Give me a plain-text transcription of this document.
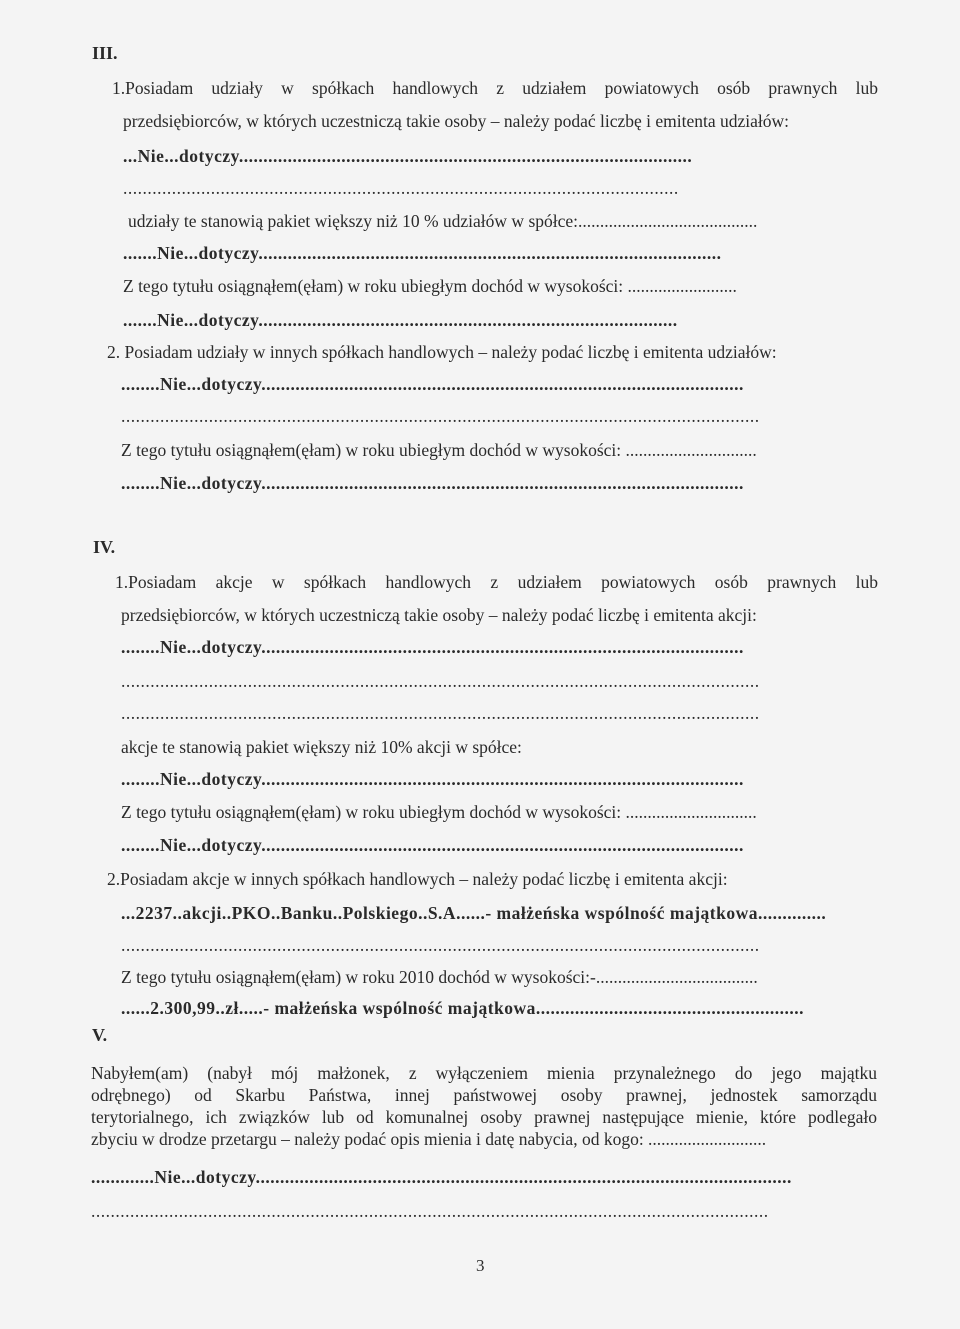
III.
1.Posiadam udziały w spółkach handlowych z udziałem powiatowych osób prawnych lub
przedsiębiorców, w których uczestniczą takie osoby – należy podać liczbę i emitenta udziałów:
...Nie...dotyczy.............................................................................................
..................................................................................................................
udziały te stanowią pakiet większy niż 10 % udziałów w spółce:.........................................
.......Nie...dotyczy...............................................................................................
Z tego tytułu osiągnąłem(ęłam) w roku ubiegłym dochód w wysokości: .........................
.......Nie...dotyczy......................................................................................
2. Posiadam udziały w innych spółkach handlowych – należy podać liczbę i emitenta udziałów:
........Nie...dotyczy...................................................................................................
...................................................................................................................................
Z tego tytułu osiągnąłem(ęłam) w roku ubiegłym dochód w wysokości: ..............................
........Nie...dotyczy...................................................................................................
IV.
1.Posiadam akcje w spółkach handlowych z udziałem powiatowych osób prawnych lub
przedsiębiorców, w których uczestniczą takie osoby – należy podać liczbę i emitenta akcji:
........Nie...dotyczy...................................................................................................
...................................................................................................................................
...................................................................................................................................
akcje te stanowią pakiet większy niż 10% akcji w spółce:
........Nie...dotyczy...................................................................................................
Z tego tytułu osiągnąłem(ęłam) w roku ubiegłym dochód w wysokości: ..............................
........Nie...dotyczy...................................................................................................
2.Posiadam akcje w innych spółkach handlowych – należy podać liczbę i emitenta akcji:
...2237..akcji..PKO..Banku..Polskiego..S.A......- małżeńska wspólność majątkowa..............
...................................................................................................................................
Z tego tytułu osiągnąłem(ęłam) w roku 2010 dochód w wysokości:-.....................................
......2.300,99..zł.....- małżeńska wspólność majątkowa.......................................................
V.
Nabyłem(am) (nabył mój małżonek, z wyłączeniem mienia przynależnego do jego majątku
odrębnego) od Skarbu Państwa, innej państwowej osoby prawnej, jednostek samorządu
terytorialnego, ich związków lub od komunalnej osoby prawnej następujące mienie, które podlegało
zbyciu w drodze przetargu – należy podać opis mienia i datę nabycia, od kogo: ...........................
.............Nie...dotyczy..............................................................................................................
...........................................................................................................................................
3
